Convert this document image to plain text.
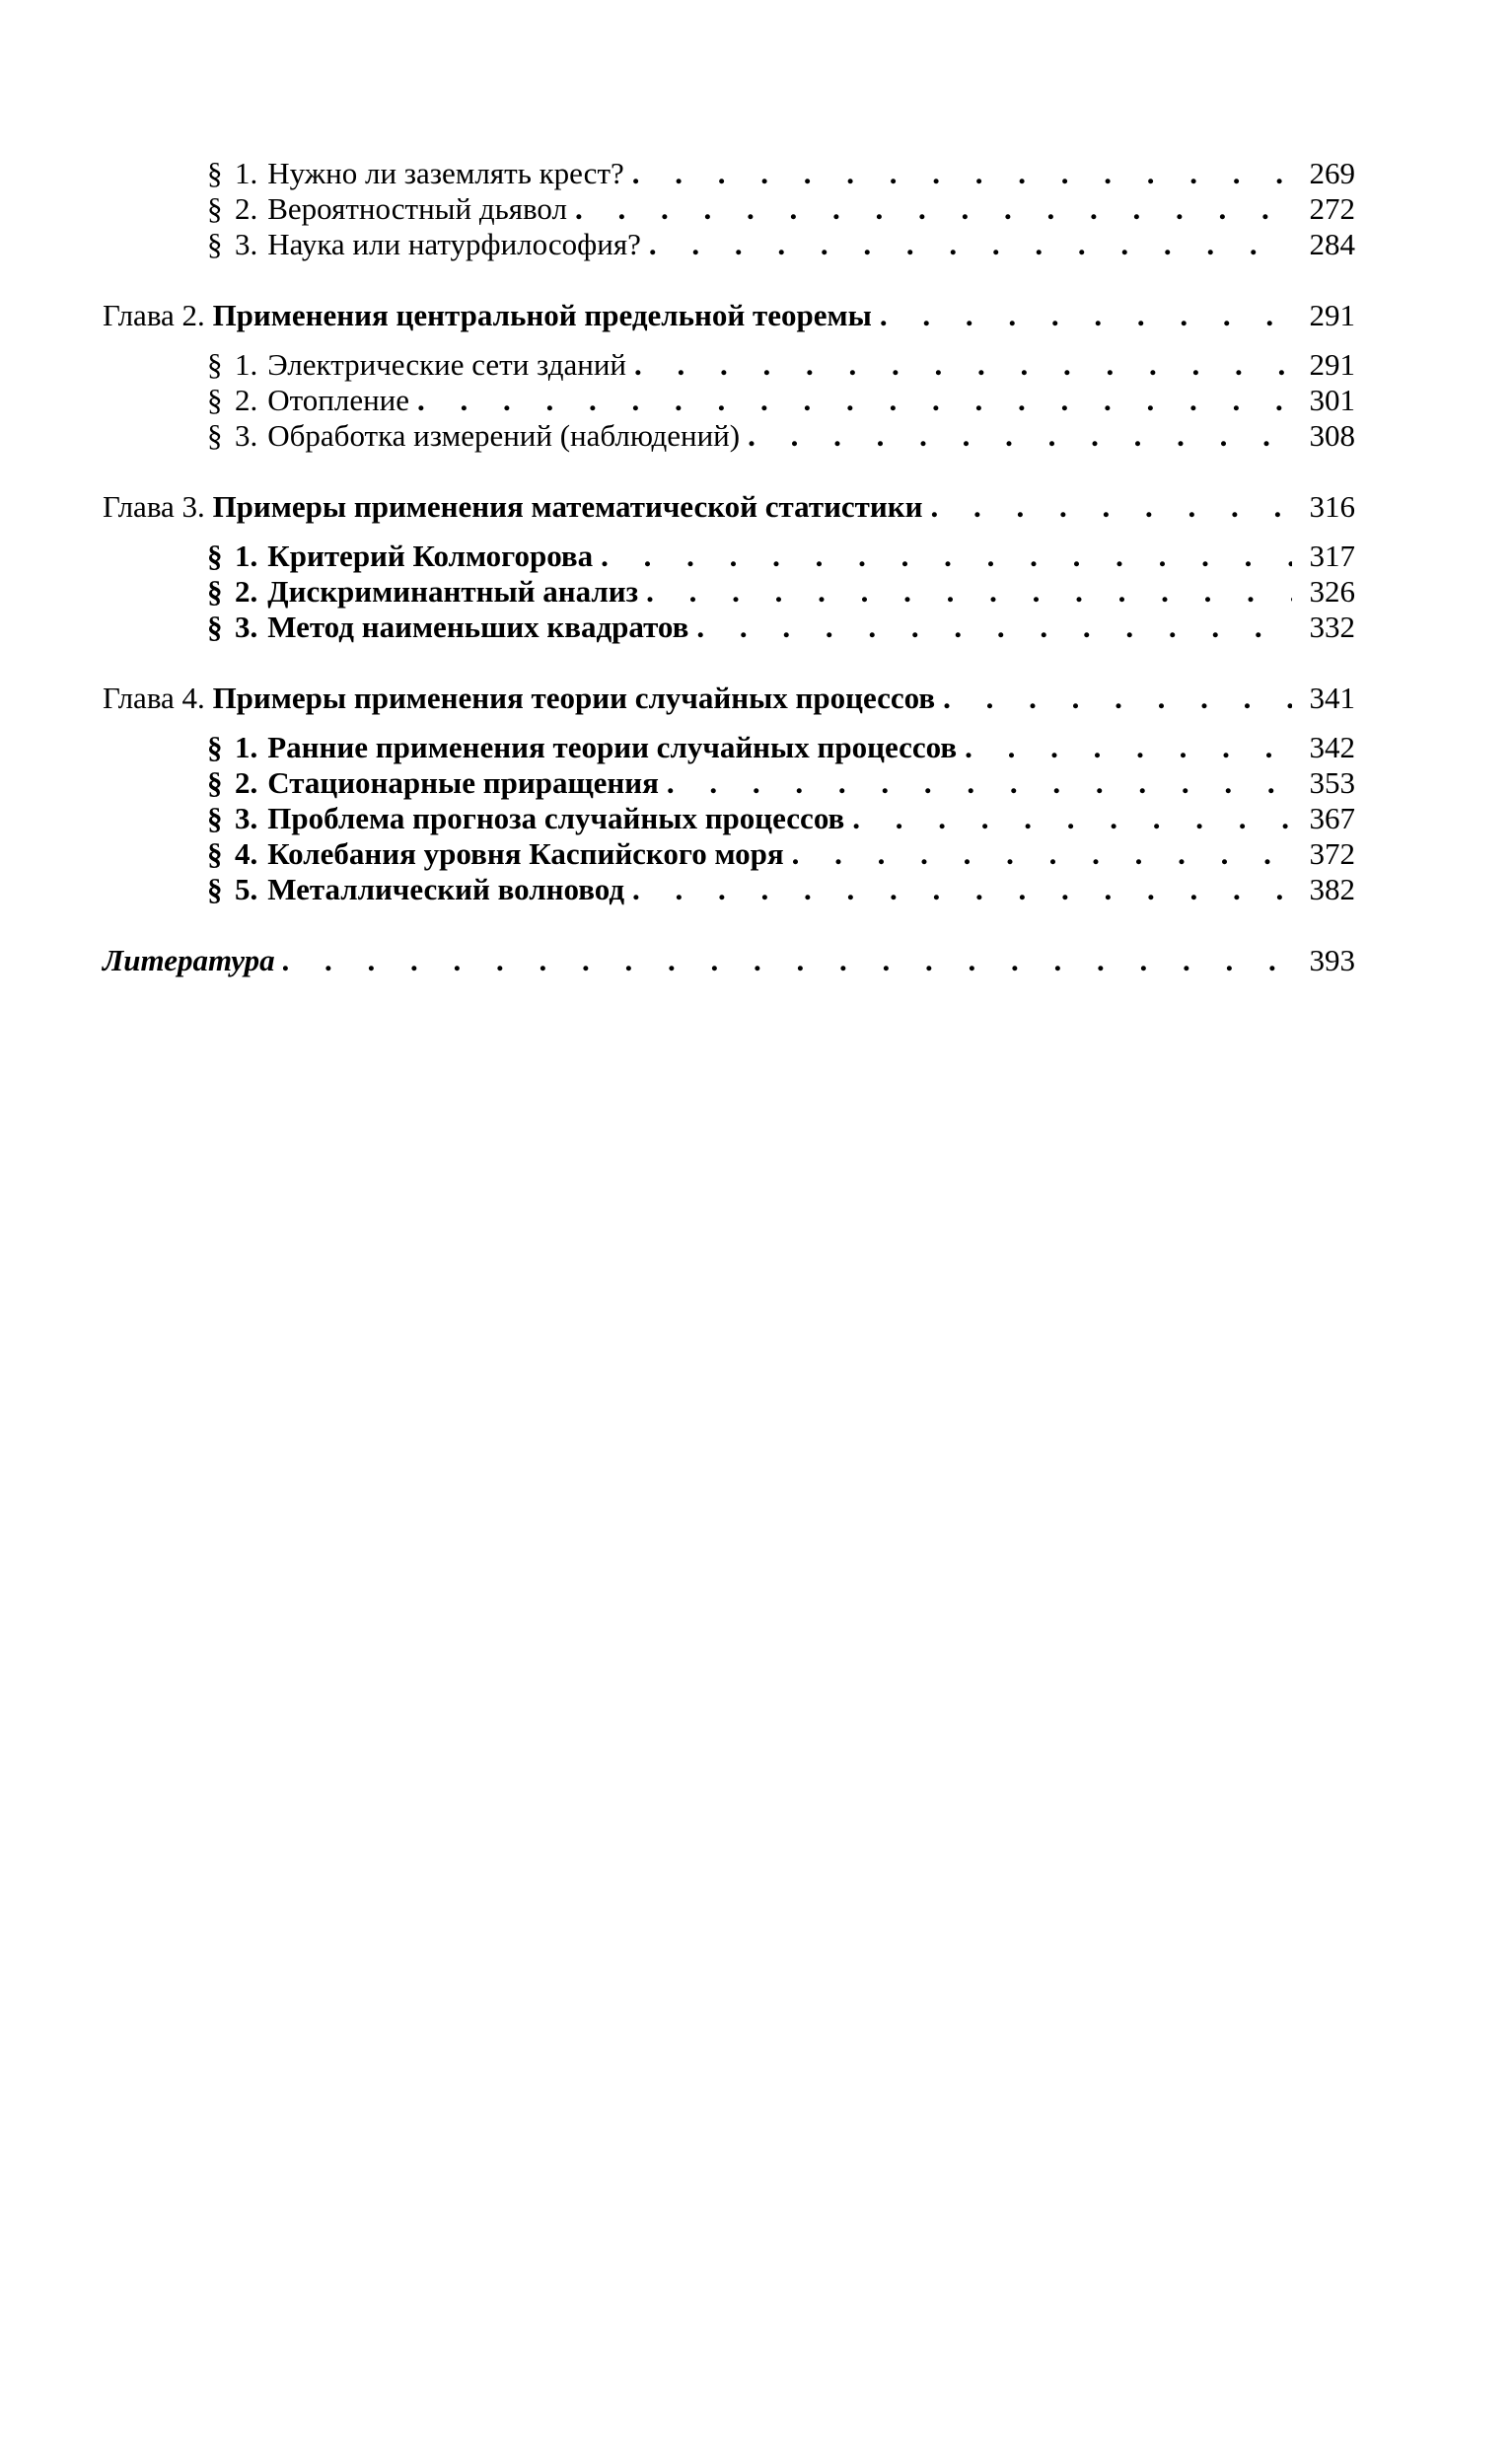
§ 1. Нужно ли заземлять крест? . . .	269
§ 2. Вероятностный дьявол . . .	272
§ 3. Наука или натурфилософия? . . .	284
Глава 2.
Применения центральной предельной теоремы . . .	291
§ 1. Электрические сети зданий . . .	291
§ 2. Отопление . . .	301
§ 3. Обработка измерений (наблюдений) . . .	308
Глава 3.
Примеры применения математической статистики . . .	316
§ 1. Критерий Колмогорова . . .	317
§ 2. Дискриминантный анализ . . .	326
§ 3. Метод наименьших квадратов . . .	332
Глава 4.
Примеры применения теории случайных процессов . . .	341
§ 1. Ранние применения теории случайных процессов . . .	342
§ 2. Стационарные приращения . . .	353
§ 3. Проблема прогноза случайных процессов . . .	367
§ 4. Колебания уровня Каспийского моря . . .	372
§ 5. Металлический волновод . . .	382
Литература . . .	393
